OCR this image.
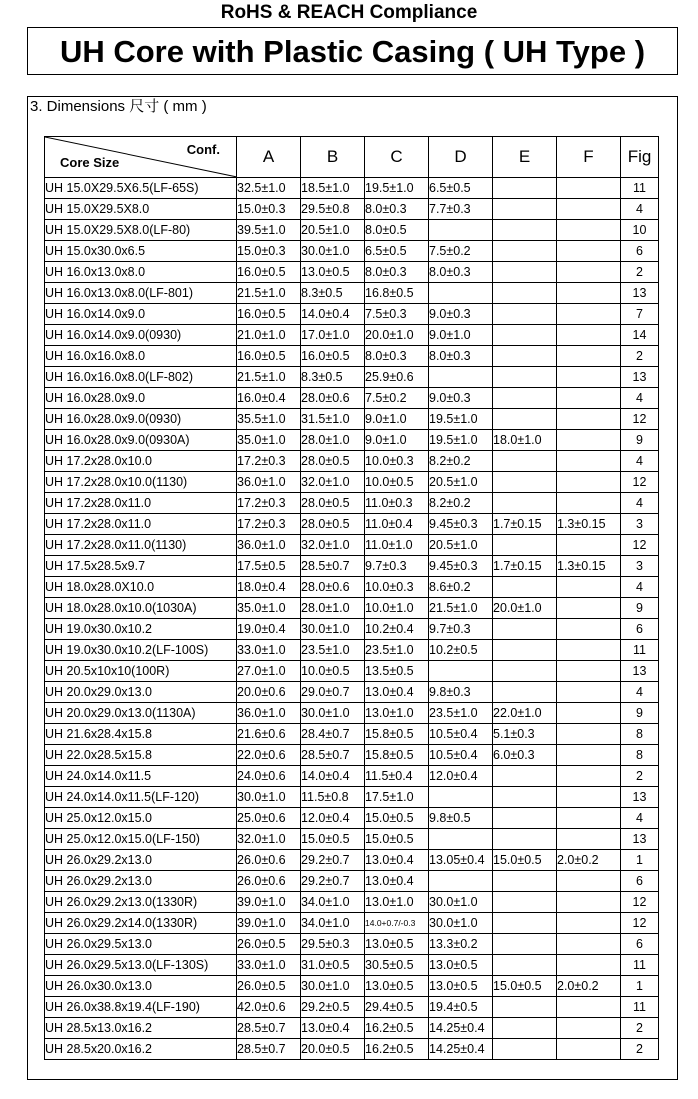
RoHS & REACH Compliance
UH Core with Plastic Casing ( UH Type )
3. Dimensions 尺寸 ( mm )
Conf.
Core Size	A	B	C	D	E	F	Fig
UH 15.0X29.5X6.5(LF-65S)	32.5±1.0	18.5±1.0	19.5±1.0	6.5±0.5			11
UH 15.0X29.5X8.0	15.0±0.3	29.5±0.8	8.0±0.3	7.7±0.3			4
UH 15.0X29.5X8.0(LF-80)	39.5±1.0	20.5±1.0	8.0±0.5				10
UH 15.0x30.0x6.5	15.0±0.3	30.0±1.0	6.5±0.5	7.5±0.2			6
UH 16.0x13.0x8.0	16.0±0.5	13.0±0.5	8.0±0.3	8.0±0.3			2
UH 16.0x13.0x8.0(LF-801)	21.5±1.0	8.3±0.5	16.8±0.5				13
UH 16.0x14.0x9.0	16.0±0.5	14.0±0.4	7.5±0.3	9.0±0.3			7
UH 16.0x14.0x9.0(0930)	21.0±1.0	17.0±1.0	20.0±1.0	9.0±1.0			14
UH 16.0x16.0x8.0	16.0±0.5	16.0±0.5	8.0±0.3	8.0±0.3			2
UH 16.0x16.0x8.0(LF-802)	21.5±1.0	8.3±0.5	25.9±0.6				13
UH 16.0x28.0x9.0	16.0±0.4	28.0±0.6	7.5±0.2	9.0±0.3			4
UH 16.0x28.0x9.0(0930)	35.5±1.0	31.5±1.0	9.0±1.0	19.5±1.0			12
UH 16.0x28.0x9.0(0930A)	35.0±1.0	28.0±1.0	9.0±1.0	19.5±1.0	18.0±1.0		9
UH 17.2x28.0x10.0	17.2±0.3	28.0±0.5	10.0±0.3	8.2±0.2			4
UH 17.2x28.0x10.0(1130)	36.0±1.0	32.0±1.0	10.0±0.5	20.5±1.0			12
UH 17.2x28.0x11.0	17.2±0.3	28.0±0.5	11.0±0.3	8.2±0.2			4
UH 17.2x28.0x11.0	17.2±0.3	28.0±0.5	11.0±0.4	9.45±0.3	1.7±0.15	1.3±0.15	3
UH 17.2x28.0x11.0(1130)	36.0±1.0	32.0±1.0	11.0±1.0	20.5±1.0			12
UH 17.5x28.5x9.7	17.5±0.5	28.5±0.7	9.7±0.3	9.45±0.3	1.7±0.15	1.3±0.15	3
UH 18.0x28.0X10.0	18.0±0.4	28.0±0.6	10.0±0.3	8.6±0.2			4
UH 18.0x28.0x10.0(1030A)	35.0±1.0	28.0±1.0	10.0±1.0	21.5±1.0	20.0±1.0		9
UH 19.0x30.0x10.2	19.0±0.4	30.0±1.0	10.2±0.4	9.7±0.3			6
UH 19.0x30.0x10.2(LF-100S)	33.0±1.0	23.5±1.0	23.5±1.0	10.2±0.5			11
UH 20.5x10x10(100R)	27.0±1.0	10.0±0.5	13.5±0.5				13
UH 20.0x29.0x13.0	20.0±0.6	29.0±0.7	13.0±0.4	9.8±0.3			4
UH 20.0x29.0x13.0(1130A)	36.0±1.0	30.0±1.0	13.0±1.0	23.5±1.0	22.0±1.0		9
UH 21.6x28.4x15.8	21.6±0.6	28.4±0.7	15.8±0.5	10.5±0.4	5.1±0.3		8
UH 22.0x28.5x15.8	22.0±0.6	28.5±0.7	15.8±0.5	10.5±0.4	6.0±0.3		8
UH 24.0x14.0x11.5	24.0±0.6	14.0±0.4	11.5±0.4	12.0±0.4			2
UH 24.0x14.0x11.5(LF-120)	30.0±1.0	11.5±0.8	17.5±1.0				13
UH 25.0x12.0x15.0	25.0±0.6	12.0±0.4	15.0±0.5	9.8±0.5			4
UH 25.0x12.0x15.0(LF-150)	32.0±1.0	15.0±0.5	15.0±0.5				13
UH 26.0x29.2x13.0	26.0±0.6	29.2±0.7	13.0±0.4	13.05±0.4	15.0±0.5	2.0±0.2	1
UH 26.0x29.2x13.0	26.0±0.6	29.2±0.7	13.0±0.4				6
UH 26.0x29.2x13.0(1330R)	39.0±1.0	34.0±1.0	13.0±1.0	30.0±1.0			12
UH 26.0x29.2x14.0(1330R)	39.0±1.0	34.0±1.0	14.0+0.7/-0.3	30.0±1.0			12
UH 26.0x29.5x13.0	26.0±0.5	29.5±0.3	13.0±0.5	13.3±0.2			6
UH 26.0x29.5x13.0(LF-130S)	33.0±1.0	31.0±0.5	30.5±0.5	13.0±0.5			11
UH 26.0x30.0x13.0	26.0±0.5	30.0±1.0	13.0±0.5	13.0±0.5	15.0±0.5	2.0±0.2	1
UH 26.0x38.8x19.4(LF-190)	42.0±0.6	29.2±0.5	29.4±0.5	19.4±0.5			11
UH 28.5x13.0x16.2	28.5±0.7	13.0±0.4	16.2±0.5	14.25±0.4			2
UH 28.5x20.0x16.2	28.5±0.7	20.0±0.5	16.2±0.5	14.25±0.4			2
